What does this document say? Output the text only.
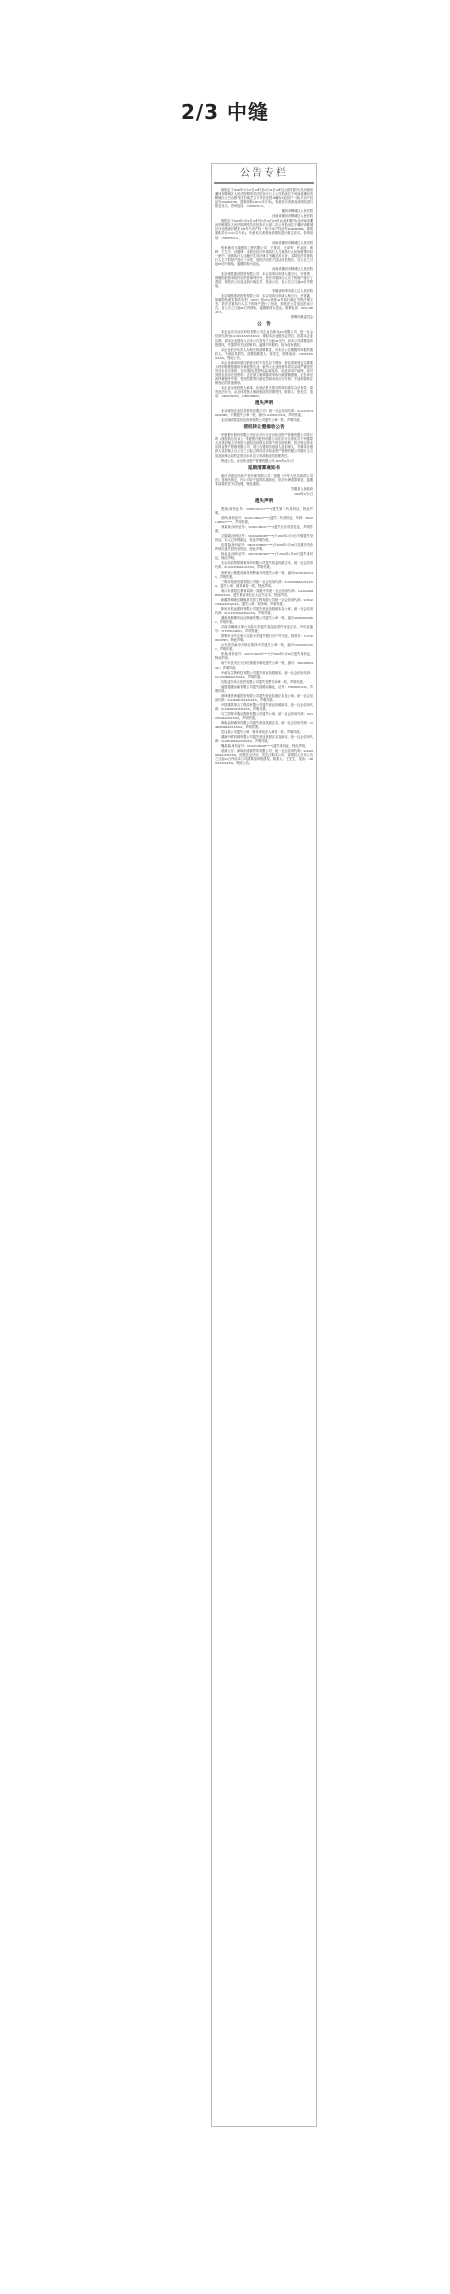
2/3 中缝
公告专栏

我院定于2020年2月25日10时至2月26日10时止(延时除外)在河南省漯河市郾城区人民法院网络司法拍卖平台上公开拍卖位于河南省漯河市郾城区太白山路马庄村南艺立卡亨应花园18幢东5层西户一套(不动产权证号2020000185，建筑面积146.53平方米)。有意竞买者请登录网站进行报名竞买。咨询电话：13393955111。

漯河市郾城区人民法院

河南省漯河市郾城区人民法院

我院定于2020年3月9日10时至3月10日10时止(延时除外)在河南省漯河市郾城区人民法院网络司法拍卖平台第二次公开拍卖位于漯河市郾城区沙北路南长路东158号不动产权一号(不动产权证号2020000986，建筑面积共计124.5平方米)。有意竞买者请登录网站进行报名竞买。咨询电话：13393955111。

河南省漯河市郾城区人民法院

张家港市飞翔建筑工程有限公司、王景洋、王泽军、许金国、黄晔、王生平、孙继锋：本院在执行申请执行人与被执行人民间借贷纠纷一案中，因被执行人未履行生效法律文书确定的义务，本院依法对被执行人名下的财产进行了评估，现依法向你方送达评估报告，自公告之日起60日内领取。逾期即视为送达。

河南省漯河市郾城区人民法院

北京城投建设投资有限公司：本合同项目申请人秦万行，许青勇，郭朝阳依照本院作出的民事判决书，依法对被执行人名下的财产进行了查封，现依法公告送达执行裁定书、拍卖公告，自公告之日起60日内领取。

安徽省蚌埠市淮上区人民法院

北京城投建设投资有限公司：本合同项目申请人杨万行，许青鑫，郭朝阳依照本院作出的（2020）皖0311执恢42号执行裁定书等法律文书，依法对被执行人名下的财产进行了拍卖，现依法公告送达拍卖公告，自公告之日起60日内领取，逾期即视为送达。联系电话：0552-3064515。

邯郸仲裁委员会

公　告

本企业北京达农科技有限公司企业名称为XX有限公司，统一社会信用代码为9111XXXXXXXXXX，现经本企业股东会决议，拟将本企业注销。请本企业债权人自本公告发布之日起45日内，向本公司清算组申报债权，并提供有关证明材料。逾期不申报的，视为放弃债权。

本企业依法负责人为相关的清算事宜，对未在公告期限内申报的债权人，不承担其损失。清算组联系人：张先生，联系电话：13XXXXXXXXX。特此公告。

本企业承诺申请注销登记时不存在以下情形：涉及国家规定实施准入特别管理措施的外商投资企业；被列入企业经营异常名录或严重违法失信企业名单的；存在股权(投资权益)被冻结、出质或动产抵押，或对其他企业存在投资的；正在被立案调查或采取行政强制措施，正在诉讼或仲裁程序中的；受到罚款等行政处罚尚未执行完毕的；不适用简易注销登记的其他情形。

本企业全体投资人承诺，向登记机关提交的材料真实合法有效，如有违法行为，由全体投资人承担相应的法律责任。联系人：张先生，电话：13901050763，13901586647。

遗失声明

北京城邦宏业信息科技有限公司：统一社会信用代码：91110105740420390J，不慎遗失公章一枚，编号1101050125532，声明作废。

北京瑞明泰富信息咨询有限公司遗失公章一枚，声明作废。

债权转让暨催收公告

华夏银行股份有限公司北京分行与北京伟业资产管理有限公司签订的《债权转让协议》，华夏银行股份有限公司北京分行将其对下列借款人及其担保人享有的主债权及担保合同项下的全部权利，依法转让给北京伟业资产管理有限公司，现公告通知各借款人及担保人，并要求各借款人及担保人自公告之日起立即向北京伟业资产管理有限公司履行主合同及担保合同约定的还本付息义务或相应的担保责任。

特此公告。北京伟业资产管理有限公司 2020年2月7日

延期清算通知书

重庆市建设纺织产权代理有限公司：根据《中华人民共和国公司法》及相关规定，你公司应于接到本通知后，依法办理清算事宜，逾期本局将依法予以处理，特此通知。

安徽省人民政府

2020年2月7日

遗失声明

贾燕(身份证号：370827197211****)遗失第二代身份证，特此声明。

高玲(身份证号：342221196912****)遗失二代身份证，号码：342221196912****，声明作废。

刘某某(身份证号：510921199211****)遗失北京市居住证，声明作废。

文娟娟(身份证号：532624200208****)于2020年2月3日不慎遗失身份证，本人已申领新证，原证声明作废。

赵春春(身份证号：500223198902****)于2020年1月30日在重庆市沙坪坝区遗失居民身份证，特此声明。

杨孟孟(身份证号：4307261997062****)于2020年1月28日遗失身份证，特此声明。

北京高信苑厚晟事务所有限公司遗失营业执照正本，统一社会信用代码：91110105MA01XXXX，声明作废。

贵州省公路建设事务所黔南分所遗失公章一枚，编号5227010032145，声明作废。

三明市旅游发展有限公司统一社会信用代码：91350400MA2YXXXX，遗失公章、财务章各一枚，特此声明。

周口市淮阳区教育局第一高级中学统一社会信用代码：12411626MB0XXXXX，遗失事业单位法人证书正本，特此声明。

新疆塔城地区额敏县安居工程有限公司统一社会信用代码：91654221MADNTQXXX，遗失公章、财务章，声明作废。

新民市恒远建材有限公司遗失营业执照副本及公章，统一社会信用代码：91210181MA0XXXXX，声明作废。

湖南省湘潭市运达物流有限公司遗失公章一枚，编号4303020019852，声明作废。

济南市槐荫区第六实验小学遗失食品经营许可证正本，许可证编号：JY33701040012，声明作废。

邯郸市永年区第六实验小学遗失银行开户许可证，核准号：J1275000418305，特此声明。

山东省济南市天桥区第四中学遗失公章一枚，编号3701050012457，声明作废。

张某(身份证号：410727199107****)于2020年1月20日遗失身份证，特此声明。

南宁市良庆区大沙田街道办事处遗失公章一枚，编号：4501080024567，声明作废。

中诚友生物科技有限公司遗失营业执照副本，统一社会信用代码：91110108MA01XXXX，声明作废。

沈阳益安家太医药有限公司遗失发票专用章一枚，声明作废。

福建超越运输有限公司遗失道路运输证，证号：350200001234，声明作废。

深圳康美海通投资有限公司遗失营业执照正本及公章，统一社会信用代码：9144030035XXXXXX，声明作废。

中国建筑第五工程局有限公司遗失营业执照副本，统一社会信用代码：91430000183XXXXX，声明作废。

乌兰浩特市瑞达物资有限公司遗失公章，统一社会信用代码：91152201MA0XXXXX，声明作废。

海南金海港务有限公司遗失营业执照正本，统一社会信用代码：91460000MA5XXXXX，声明作废。

武汉某公司遗失公章、财务章及法人章各一枚，声明作废。

湖南中联机械有限公司遗失营业执照正本及副本，统一社会信用代码：91430100MA4XXXXX，声明作废。

魏某某(身份证号：612425199206****)遗失身份证，特此声明。

清源公告：深圳市清源贸易有限公司，统一社会信用代码：91440300MA5XXXXX，经股东会决议，决定注销本公司，请债权人自本公告之日起45日内向本公司清算组申报债权。联系人：王先生，电话：138XXXXXXXX。特此公告。
